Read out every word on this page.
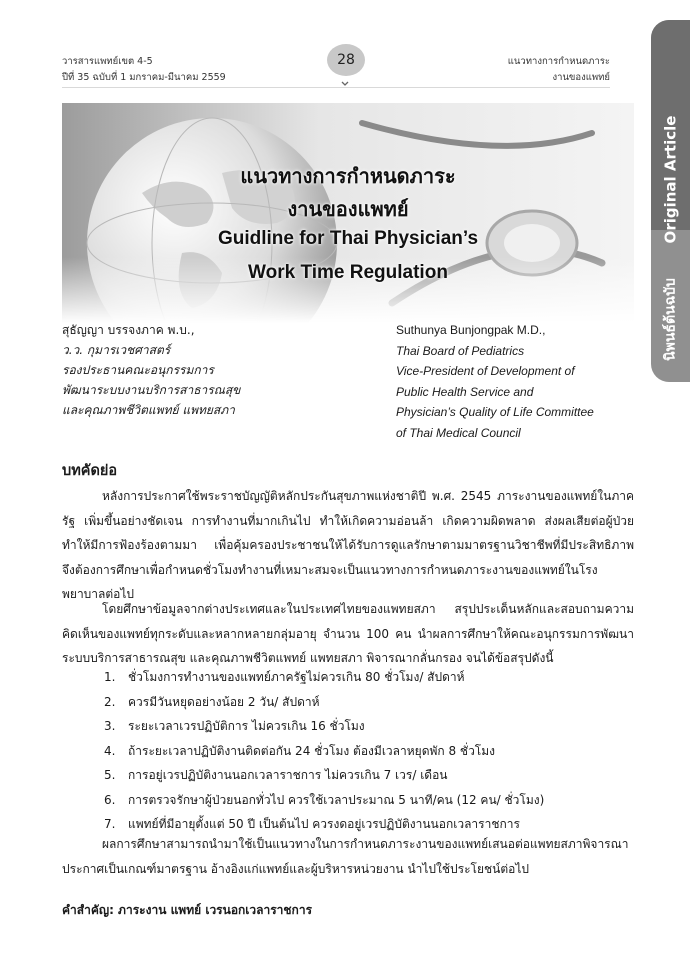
วารสารแพทย์เขต 4-5
ปีที่ 35 ฉบับที่ 1 มกราคม-มีนาคม 2559
28	แนวทางการกำหนดภาระ
งานของแพทย์
Original Article
นิพนธ์ต้นฉบับ
แนวทางการกำหนดภาระ
งานของแพทย์
Guidline for Thai Physician’s
Work Time Regulation
สุธัญญา บรรจงภาค พ.บ.,
ว.ว. กุมารเวชศาสตร์
รองประธานคณะอนุกรรมการ
พัฒนาระบบงานบริการสาธารณสุข
และคุณภาพชีวิตแพทย์ แพทยสภา
Suthunya Bunjongpak M.D.,
Thai Board of Pediatrics
Vice-President of Development of
Public Health Service and
Physician’s Quality of Life Committee
of Thai Medical Council
บทคัดย่อ
หลังการประกาศใช้พระราชบัญญัติหลักประกันสุขภาพแห่งชาติปี พ.ศ. 2545 ภาระงานของแพทย์ในภาครัฐ เพิ่มขึ้นอย่างชัดเจน การทำงานที่มากเกินไป ทำให้เกิดความอ่อนล้า เกิดความผิดพลาด ส่งผลเสียต่อผู้ป่วย ทำให้มีการฟ้องร้องตามมา เพื่อคุ้มครองประชาชนให้ได้รับการดูแลรักษาตามมาตรฐานวิชาชีพที่มีประสิทธิภาพ จึงต้องการศึกษาเพื่อกำหนดชั่วโมงทำงานที่เหมาะสมจะเป็นแนวทางการกำหนดภาระงานของแพทย์ในโรงพยาบาลต่อไป
โดยศึกษาข้อมูลจากต่างประเทศและในประเทศไทยของแพทยสภา สรุปประเด็นหลักและสอบถามความคิดเห็นของแพทย์ทุกระดับและหลากหลายกลุ่มอายุ จำนวน 100 คน นำผลการศึกษาให้คณะอนุกรรมการพัฒนาระบบบริการสาธารณสุข และคุณภาพชีวิตแพทย์ แพทยสภา พิจารณากลั่นกรอง จนได้ข้อสรุปดังนี้
1. ชั่วโมงการทำงานของแพทย์ภาครัฐไม่ควรเกิน 80 ชั่วโมง/ สัปดาห์
2. ควรมีวันหยุดอย่างน้อย 2 วัน/ สัปดาห์
3. ระยะเวลาเวรปฏิบัติการ ไม่ควรเกิน 16 ชั่วโมง
4. ถ้าระยะเวลาปฏิบัติงานติดต่อกัน 24 ชั่วโมง ต้องมีเวลาหยุดพัก 8 ชั่วโมง
5. การอยู่เวรปฏิบัติงานนอกเวลาราชการ ไม่ควรเกิน 7 เวร/ เดือน
6. การตรวจรักษาผู้ป่วยนอกทั่วไป ควรใช้เวลาประมาณ 5 นาที/คน (12 คน/ ชั่วโมง)
7. แพทย์ที่มีอายุตั้งแต่ 50 ปี เป็นต้นไป ควรงดอยู่เวรปฏิบัติงานนอกเวลาราชการ
ผลการศึกษาสามารถนำมาใช้เป็นแนวทางในการกำหนดภาระงานของแพทย์เสนอต่อแพทยสภาพิจารณาประกาศเป็นเกณฑ์มาตรฐาน อ้างอิงแก่แพทย์และผู้บริหารหน่วยงาน นำไปใช้ประโยชน์ต่อไป
คำสำคัญ: ภาระงาน แพทย์ เวรนอกเวลาราชการ
